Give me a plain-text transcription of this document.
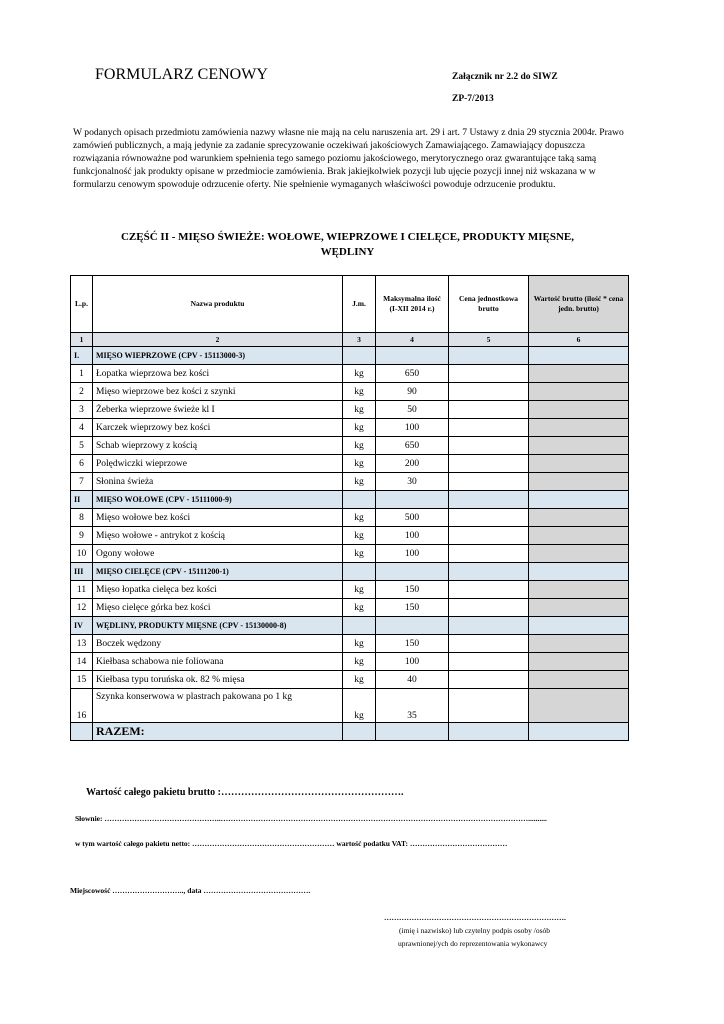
FORMULARZ CENOWY	Załącznik nr 2.2 do SIWZ
ZP-7/2013
W podanych opisach przedmiotu zamówienia nazwy własne nie mają na celu naruszenia art. 29 i art. 7 Ustawy z dnia 29 stycznia 2004r. Prawo zamówień publicznych, a mają jedynie za zadanie sprecyzowanie oczekiwań jakościowych Zamawiającego. Zamawiający dopuszcza rozwiązania równoważne pod warunkiem spełnienia tego samego poziomu jakościowego, merytorycznego oraz gwarantujące taką samą funkcjonalność jak produkty opisane w przedmiocie zamówienia. Brak jakiejkolwiek pozycji lub ujęcie pozycji innej niż wskazana w w formularzu cenowym spowoduje odrzucenie oferty. Nie spełnienie wymaganych właściwości powoduje odrzucenie produktu.
CZĘŚĆ II - MIĘSO ŚWIEŻE: WOŁOWE, WIEPRZOWE I CIELĘCE, PRODUKTY MIĘSNE, WĘDLINY
L.p.	Nazwa produktu	J.m.	Maksymalna ilość (I-XII 2014 r.)	Cena jednostkowa brutto	Wartość brutto (ilość * cena jedn. brutto)
1	2	3	4	5	6
I.	MIĘSO WIEPRZOWE (CPV - 15113000-3)				
1	Łopatka wieprzowa bez kości	kg	650		
2	Mięso wieprzowe bez kości z szynki	kg	90		
3	Żeberka wieprzowe świeże kl I	kg	50		
4	Karczek wieprzowy bez kości	kg	100		
5	Schab wieprzowy z kością	kg	650		
6	Polędwiczki wieprzowe	kg	200		
7	Słonina świeża	kg	30		
II	MIĘSO WOŁOWE (CPV - 15111000-9)				
8	Mięso wołowe bez kości	kg	500		
9	Mięso wołowe - antrykot z kością	kg	100		
10	Ogony wołowe	kg	100		
III	MIĘSO CIELĘCE (CPV - 15111200-1)				
11	Mięso łopatka cielęca bez kości	kg	150		
12	Mięso cielęce górka bez kości	kg	150		
IV	WĘDLINY, PRODUKTY MIĘSNE (CPV - 15130000-8)				
13	Boczek wędzony	kg	150		
14	Kiełbasa schabowa nie foliowana	kg	100		
15	Kiełbasa typu toruńska ok. 82 % mięsa	kg	40		
16	Szynka konserwowa w plastrach pakowana po 1 kg	kg	35		
	RAZEM:				
Wartość całego pakietu brutto :……………………………………………….
Słownie: ………………………………………..……………………………………………………………………………………………………………..........
w tym wartość całego pakietu netto: ………………………………………………… wartość podatku VAT: …………………………………
Miejscowość ……………………….., data …………………………………….
……………………………………………………………….
(imię i nazwisko) lub czytelny podpis osoby /osób
uprawnionej/ych do reprezentowania wykonawcy
